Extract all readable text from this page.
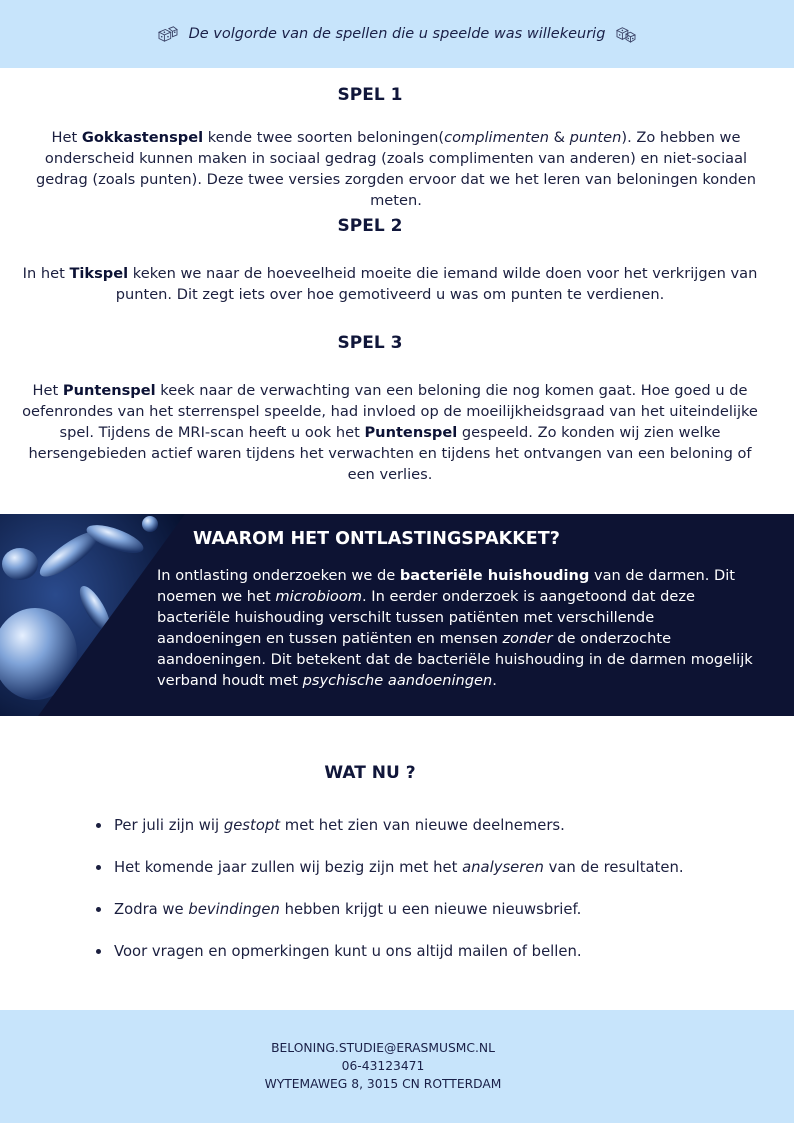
De volgorde van de spellen die u speelde was willekeurig
SPEL 1
Het Gokkastenspel kende twee soorten beloningen(complimenten & punten). Zo hebben we onderscheid kunnen maken in sociaal gedrag (zoals complimenten van anderen) en niet-sociaal gedrag (zoals punten). Deze twee versies zorgden ervoor dat we het leren van beloningen konden meten.
SPEL 2
In het Tikspel keken we naar de hoeveelheid moeite die iemand wilde doen voor het verkrijgen van punten. Dit zegt iets over hoe gemotiveerd u was om punten te verdienen.
SPEL 3
Het Puntenspel keek naar de verwachting van een beloning die nog komen gaat. Hoe goed u de oefenrondes van het sterrenspel speelde, had invloed op de moeilijkheidsgraad van het uiteindelijke spel. Tijdens de MRI-scan heeft u ook het Puntenspel gespeeld. Zo konden wij zien welke hersengebieden actief waren tijdens het verwachten en tijdens het ontvangen van een beloning of een verlies.
WAAROM HET ONTLASTINGSPAKKET?
In ontlasting onderzoeken we de bacteriële huishouding van de darmen. Dit noemen we het microbioom. In eerder onderzoek is aangetoond dat deze bacteriële huishouding verschilt tussen patiënten met verschillende aandoeningen en tussen patiënten en mensen zonder de onderzochte aandoeningen. Dit betekent dat de bacteriële huishouding in de darmen mogelijk verband houdt met psychische aandoeningen.
WAT NU ?
Per juli zijn wij gestopt met het zien van nieuwe deelnemers.
Het komende jaar zullen wij bezig zijn met het analyseren van de resultaten.
Zodra we bevindingen hebben krijgt u een nieuwe nieuwsbrief.
Voor vragen en opmerkingen kunt u ons altijd mailen of bellen.
BELONING.STUDIE@ERASMUSMC.NL
06-43123471
WYTEMAWEG 8, 3015 CN ROTTERDAM
